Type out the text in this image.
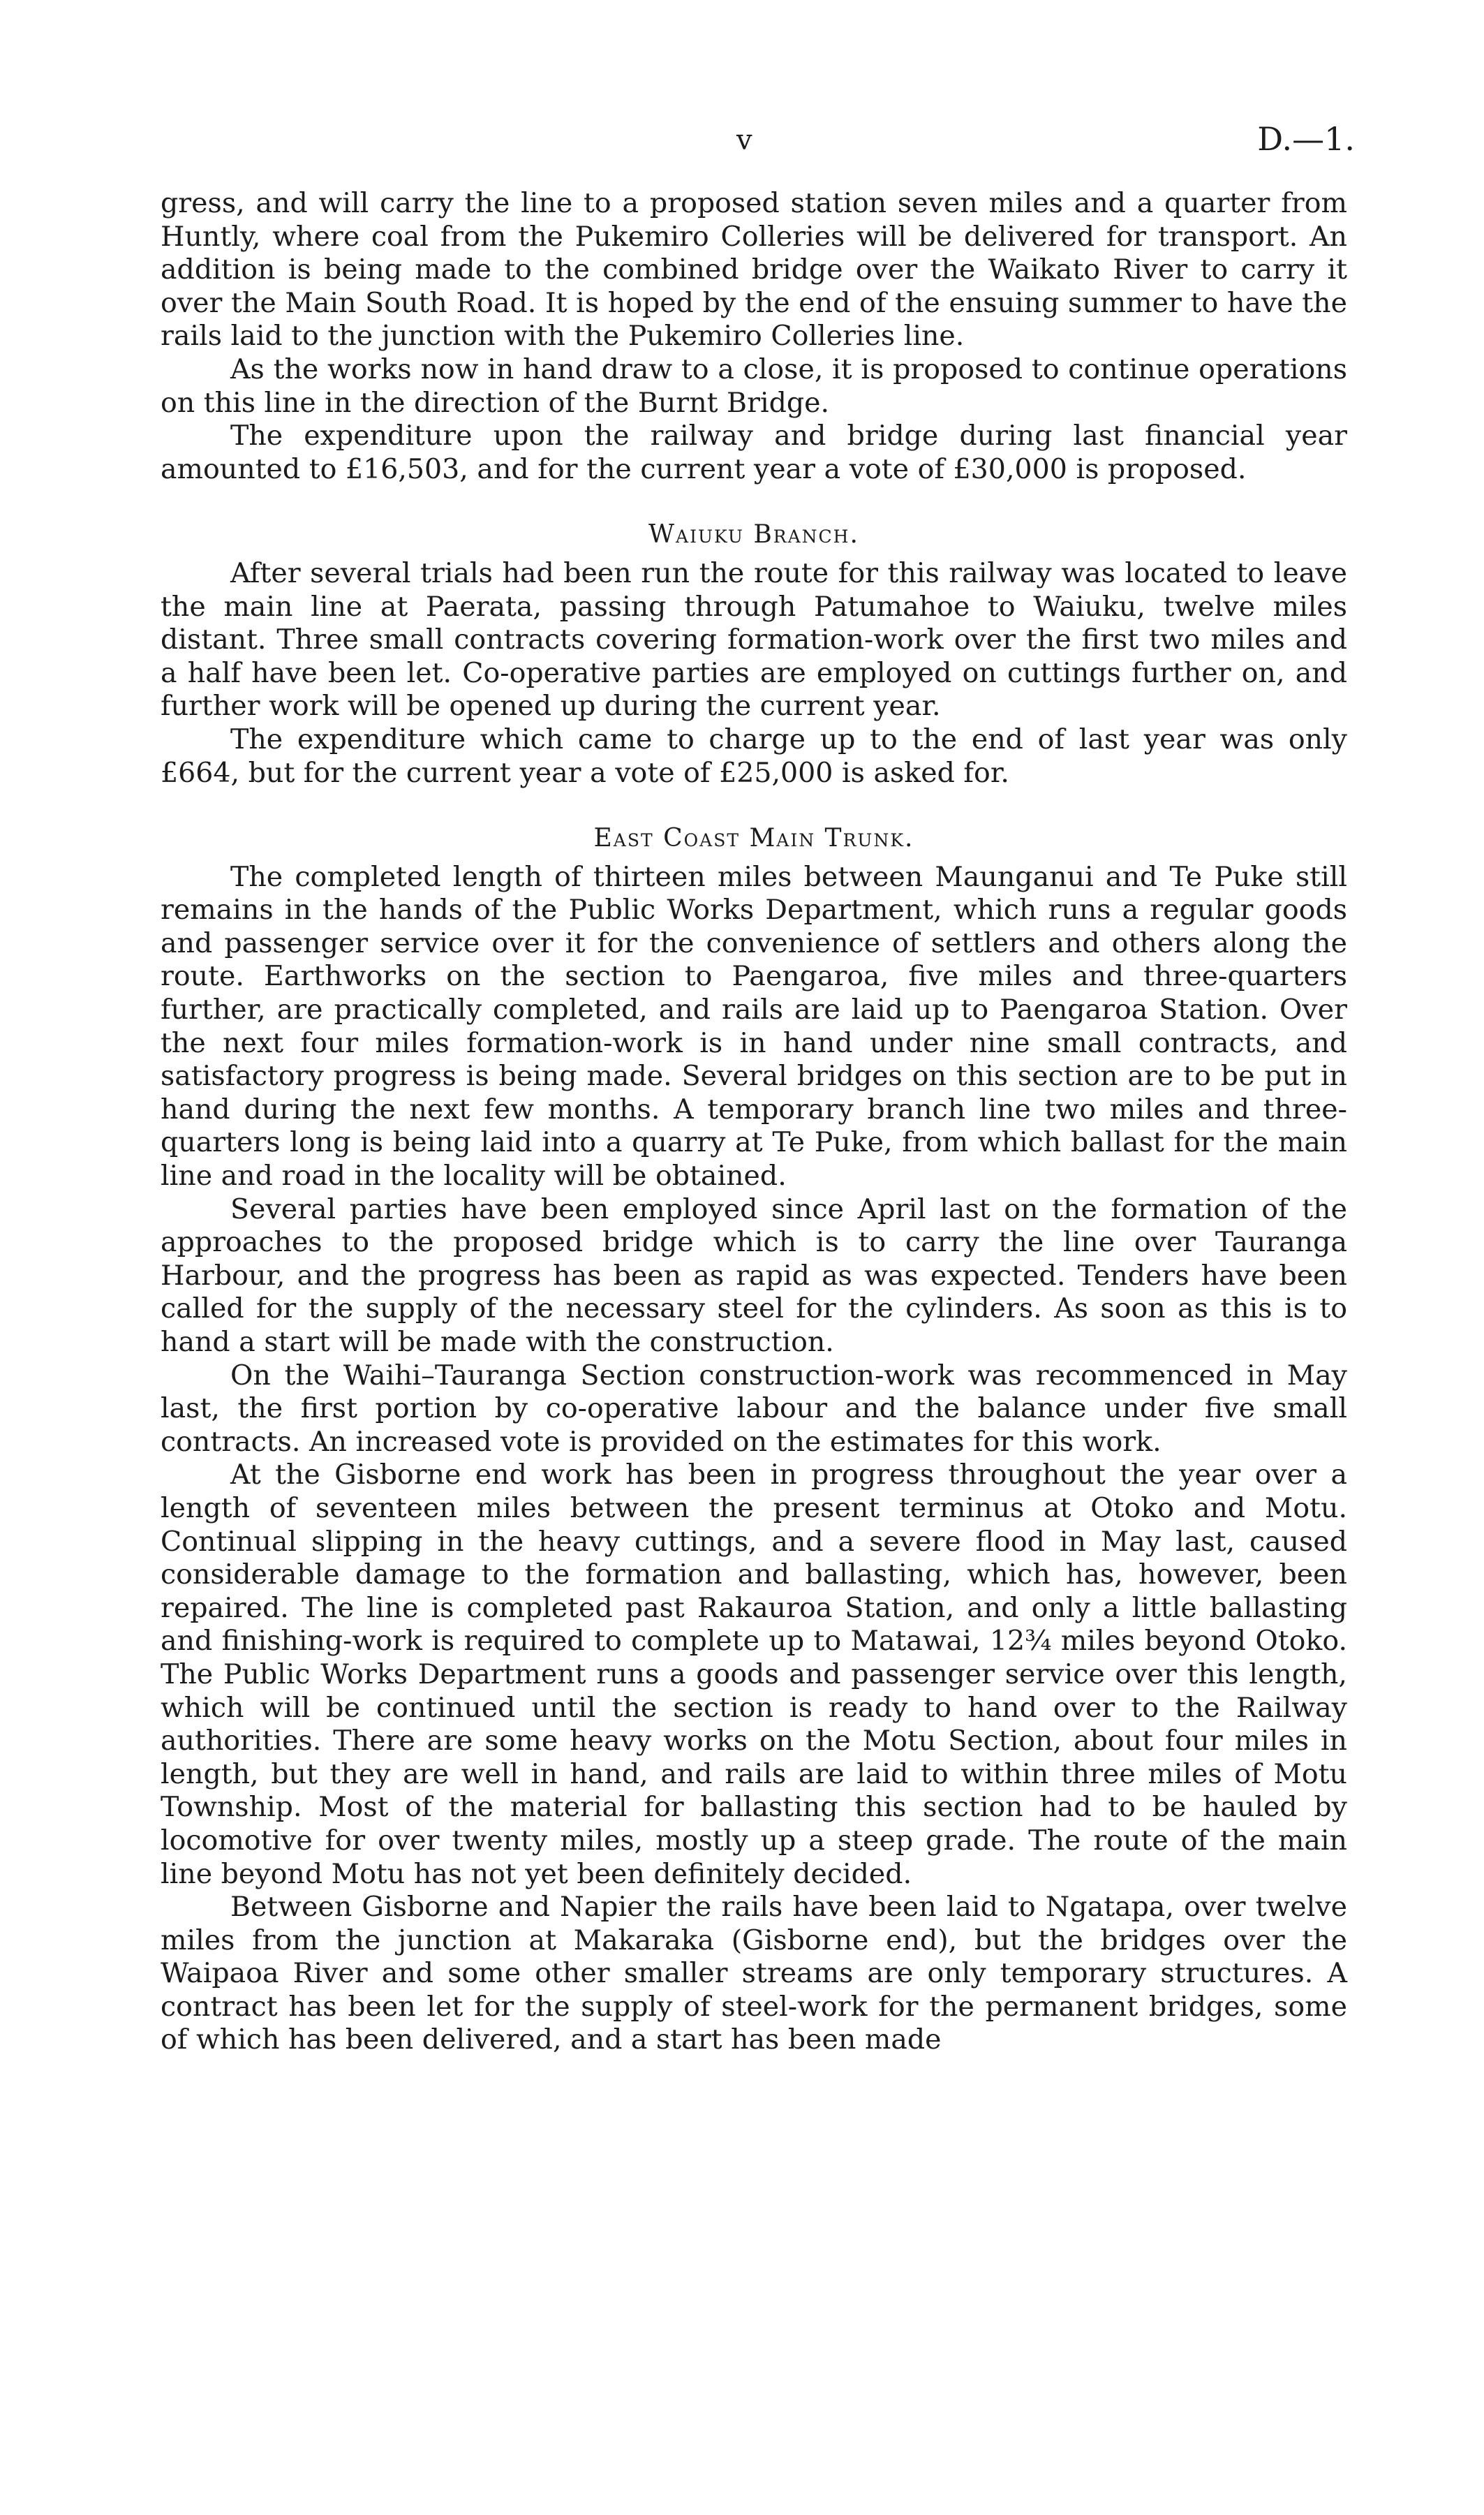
v	D.—1.

gress, and will carry the line to a proposed station seven miles and a quarter from Huntly, where coal from the Pukemiro Colleries will be delivered for transport. An addition is being made to the combined bridge over the Waikato River to carry it over the Main South Road. It is hoped by the end of the ensuing summer to have the rails laid to the junction with the Pukemiro Colleries line.

As the works now in hand draw to a close, it is proposed to continue operations on this line in the direction of the Burnt Bridge.

The expenditure upon the railway and bridge during last financial year amounted to £16,503, and for the current year a vote of £30,000 is proposed.

Waiuku Branch.

After several trials had been run the route for this railway was located to leave the main line at Paerata, passing through Patumahoe to Waiuku, twelve miles distant. Three small contracts covering formation-work over the first two miles and a half have been let. Co-operative parties are employed on cuttings further on, and further work will be opened up during the current year.

The expenditure which came to charge up to the end of last year was only £664, but for the current year a vote of £25,000 is asked for.

East Coast Main Trunk.

The completed length of thirteen miles between Maunganui and Te Puke still remains in the hands of the Public Works Department, which runs a regular goods and passenger service over it for the convenience of settlers and others along the route. Earthworks on the section to Paengaroa, five miles and three-quarters further, are practically completed, and rails are laid up to Paengaroa Station. Over the next four miles formation-work is in hand under nine small contracts, and satisfactory progress is being made. Several bridges on this section are to be put in hand during the next few months. A temporary branch line two miles and three-quarters long is being laid into a quarry at Te Puke, from which ballast for the main line and road in the locality will be obtained.

Several parties have been employed since April last on the formation of the approaches to the proposed bridge which is to carry the line over Tauranga Harbour, and the progress has been as rapid as was expected. Tenders have been called for the supply of the necessary steel for the cylinders. As soon as this is to hand a start will be made with the construction.

On the Waihi–Tauranga Section construction-work was recommenced in May last, the first portion by co-operative labour and the balance under five small contracts. An increased vote is provided on the estimates for this work.

At the Gisborne end work has been in progress throughout the year over a length of seventeen miles between the present terminus at Otoko and Motu. Continual slipping in the heavy cuttings, and a severe flood in May last, caused considerable damage to the formation and ballasting, which has, however, been repaired. The line is completed past Rakauroa Station, and only a little ballasting and finishing-work is required to complete up to Matawai, 12¾ miles beyond Otoko. The Public Works Department runs a goods and passenger service over this length, which will be continued until the section is ready to hand over to the Railway authorities. There are some heavy works on the Motu Section, about four miles in length, but they are well in hand, and rails are laid to within three miles of Motu Township. Most of the material for ballasting this section had to be hauled by locomotive for over twenty miles, mostly up a steep grade. The route of the main line beyond Motu has not yet been definitely decided.

Between Gisborne and Napier the rails have been laid to Ngatapa, over twelve miles from the junction at Makaraka (Gisborne end), but the bridges over the Waipaoa River and some other smaller streams are only temporary structures. A contract has been let for the supply of steel-work for the permanent bridges, some of which has been delivered, and a start has been made
